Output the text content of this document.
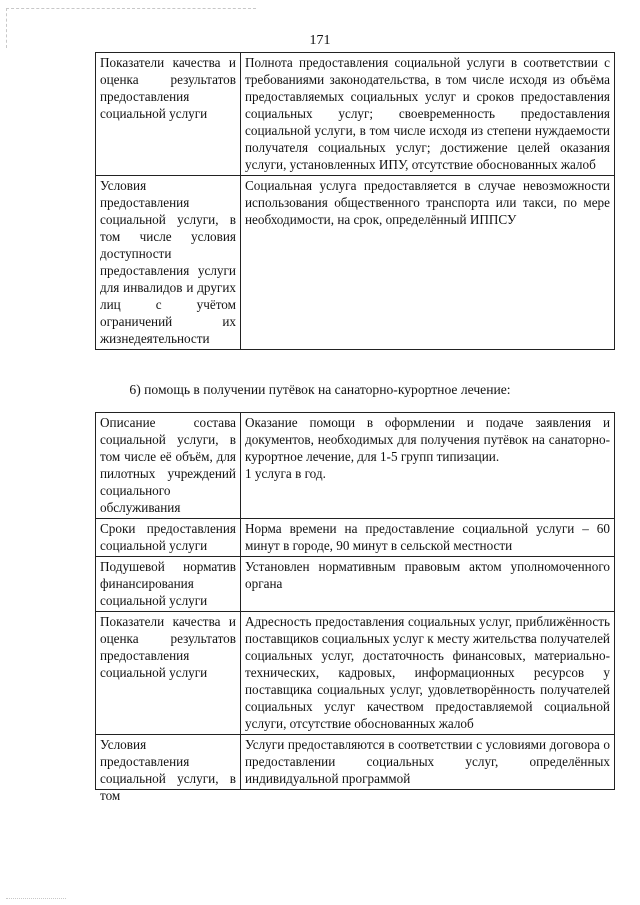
171
Показатели качества и оценка результатов предоставления социальной услуги	Полнота предоставления социальной услуги в соответствии с требованиями законодательства, в том числе исходя из объёма предоставляемых социальных услуг и сроков предоставления социальных услуг; своевременность предоставления социальной услуги, в том числе исходя из степени нуждаемости получателя социальных услуг; достижение целей оказания услуги, установленных ИПУ, отсутствие обоснованных жалоб
Условия предоставления социальной услуги, в том числе условия доступности предоставления услуги для инвалидов и других лиц с учётом ограничений их жизнедеятельности	Социальная услуга предоставляется в случае невозможности использования общественного транспорта или такси, по мере необходимости, на срок, определённый ИППСУ
6) помощь в получении путёвок на санаторно-курортное лечение:
Описание состава социальной услуги, в том числе её объём, для пилотных учреждений социального обслуживания	Оказание помощи в оформлении и подаче заявления и документов, необходимых для получения путёвок на санаторно-курортное лечение, для 1-5 групп типизации.
1 услуга в год.

Сроки предоставления социальной услуги	Норма времени на предоставление социальной услуги – 60 минут в городе, 90 минут в сельской местности
Подушевой норматив финансирования социальной услуги	Установлен нормативным правовым актом уполномоченного органа
Показатели качества и оценка результатов предоставления социальной услуги	Адресность предоставления социальных услуг, приближённость поставщиков социальных услуг к месту жительства получателей социальных услуг, достаточность финансовых, материально-технических, кадровых, информационных ресурсов у поставщика социальных услуг, удовлетворённость получателей социальных услуг качеством предоставляемой социальной услуги, отсутствие обоснованных жалоб

Условия предоставления социальной услуги, в том	Услуги предоставляются в соответствии с условиями договора о предоставлении социальных услуг, определённых индивидуальной программой
